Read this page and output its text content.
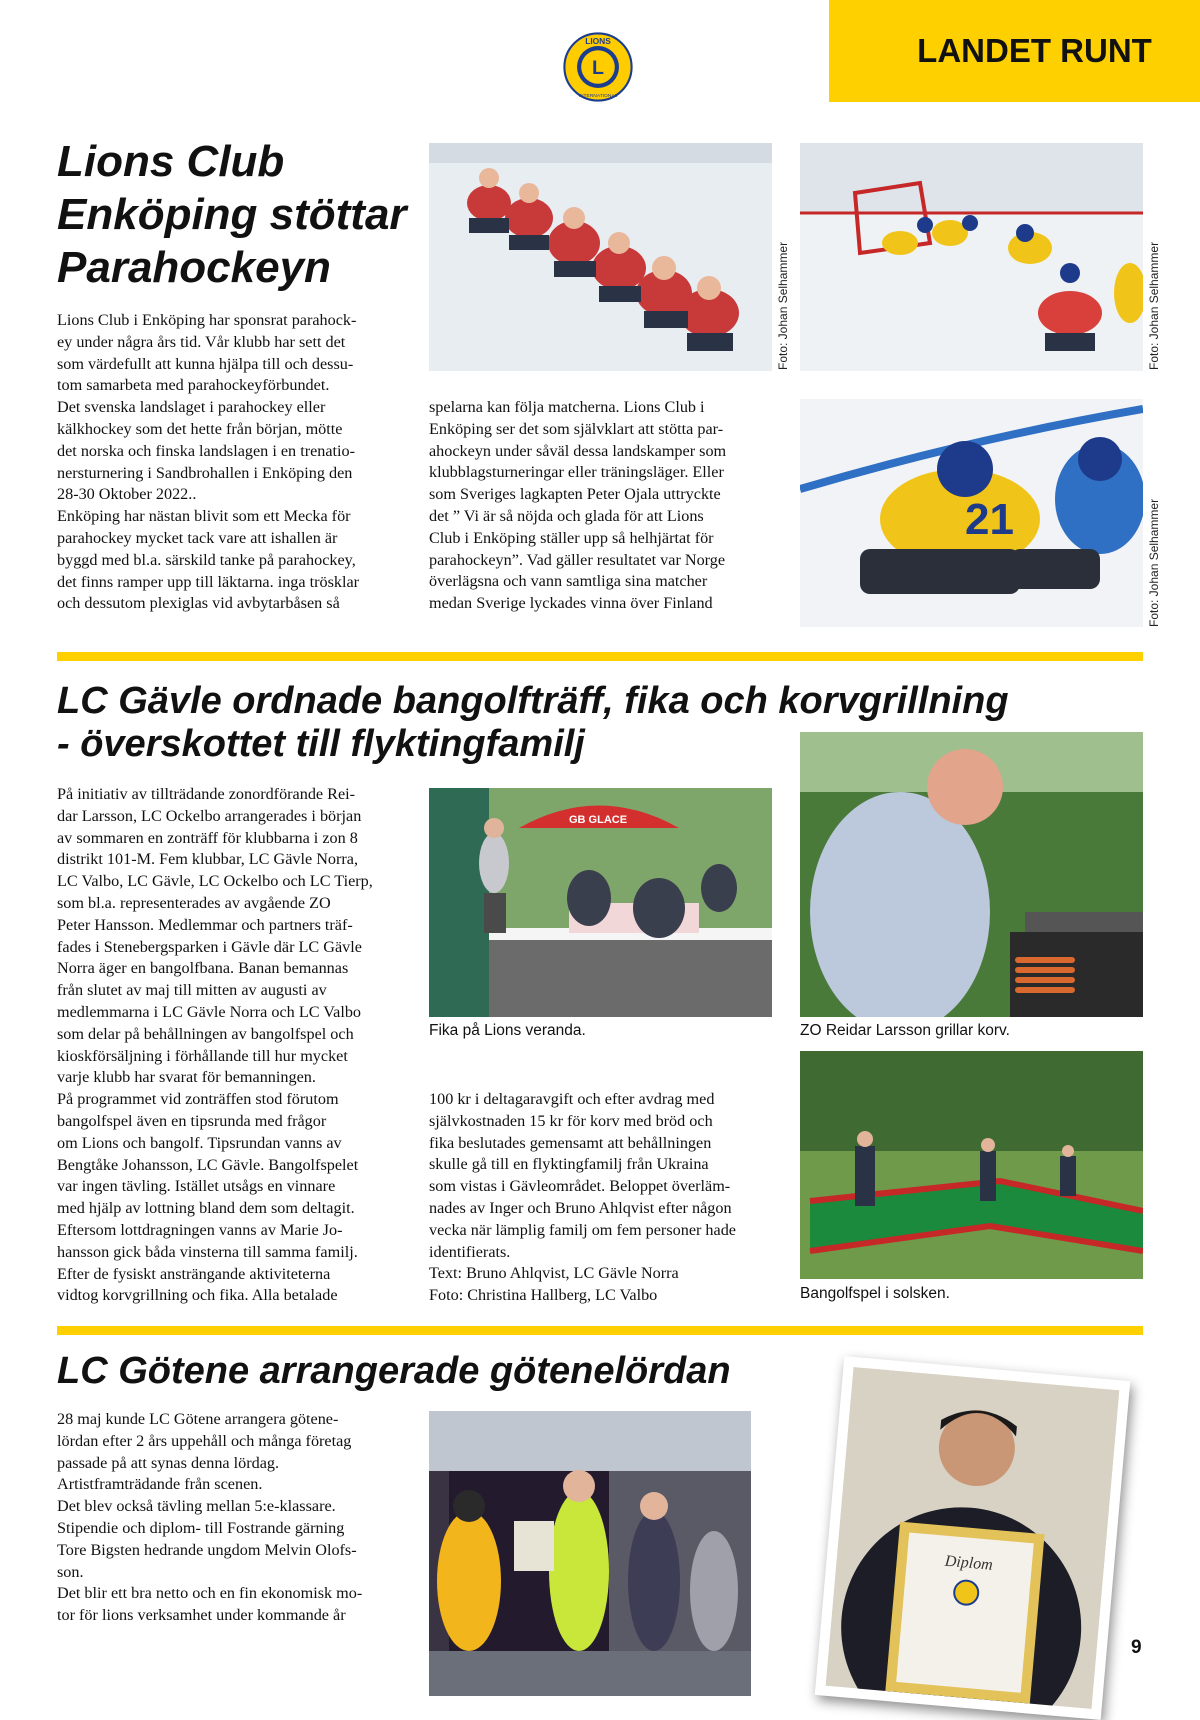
L
LIONS
INTERNATIONAL
LANDET RUNT
Lions Club
Enköping stöttar
Parahockeyn
Lions Club i Enköping har sponsrat parahock-
ey under några års tid. Vår klubb har sett det
som värdefullt att kunna hjälpa till och dessu-
tom samarbeta med parahockeyförbundet.
Det svenska landslaget i parahockey eller
kälkhockey som det hette från början, mötte
det norska och finska landslagen i en trenatio-
nersturnering i Sandbrohallen i Enköping den
28-30 Oktober 2022..
Enköping har nästan blivit som ett Mecka för
parahockey mycket tack vare att ishallen är
byggd med bl.a. särskild tanke på parahockey,
det finns ramper upp till läktarna. inga trösklar
och dessutom plexiglas vid avbytarbåsen så
spelarna kan följa matcherna. Lions Club i
Enköping ser det som självklart att stötta par-
ahockeyn under såväl dessa landskamper som
klubblagsturneringar eller träningsläger. Eller
som Sveriges lagkapten Peter Ojala uttryckte
det ” Vi är så nöjda och glada för att Lions
Club i Enköping ställer upp så helhjärtat för
parahockeyn”. Vad gäller resultatet var Norge
överlägsna och vann samtliga sina matcher
medan Sverige lyckades vinna över Finland
Foto: Johan Selhammer	Foto: Johan Selhammer
21	Foto: Johan Selhammer
LC Gävle ordnade bangolfträff, fika och korvgrillning
- överskottet till flyktingfamilj
På initiativ av tillträdande zonordförande Rei-
dar Larsson, LC Ockelbo arrangerades i början
av sommaren en zonträff för klubbarna i zon 8
distrikt 101-M. Fem klubbar, LC Gävle Norra,
LC Valbo, LC Gävle, LC Ockelbo och LC Tierp,
som bl.a. representerades av avgående ZO
Peter Hansson. Medlemmar och partners träf-
fades i Stenebergsparken i Gävle där LC Gävle
Norra äger en bangolfbana. Banan bemannas
från slutet av maj till mitten av augusti av
medlemmarna i LC Gävle Norra och LC Valbo
som delar på behållningen av bangolfspel och
kioskförsäljning i förhållande till hur mycket
varje klubb har svarat för bemanningen.
På programmet vid zonträffen stod förutom
bangolfspel även en tipsrunda med frågor
om Lions och bangolf. Tipsrundan vanns av
Bengtåke Johansson, LC Gävle. Bangolfspelet
var ingen tävling. Istället utsågs en vinnare
med hjälp av lottning bland dem som deltagit.
Eftersom lottdragningen vanns av Marie Jo-
hansson gick båda vinsterna till samma familj.
Efter de fysiskt ansträngande aktiviteterna
vidtog korvgrillning och fika. Alla betalade
100 kr i deltagaravgift och efter avdrag med
självkostnaden 15 kr för korv med bröd och
fika beslutades gemensamt att behållningen
skulle gå till en flyktingfamilj från Ukraina
som vistas i Gävleområdet. Beloppet överläm-
nades av Inger och Bruno Ahlqvist efter någon
vecka när lämplig familj om fem personer hade
identifierats.
Text: Bruno Ahlqvist, LC Gävle Norra
Foto: Christina Hallberg, LC Valbo
GB GLACE
Fika på Lions veranda.	ZO Reidar Larsson grillar korv.
Bangolfspel i solsken.
LC Götene arrangerade götenelördan
28 maj kunde LC Götene arrangera götene-
lördan efter 2 års uppehåll och många företag
passade på att synas denna lördag.
Artistframträdande från scenen.
Det blev också tävling mellan 5:e-klassare.
Stipendie och diplom- till Fostrande gärning
Tore Bigsten hedrande ungdom Melvin Olofs-
son.
Det blir ett bra netto och en fin ekonomisk mo-
tor för lions verksamhet under kommande år
Diplom
9
